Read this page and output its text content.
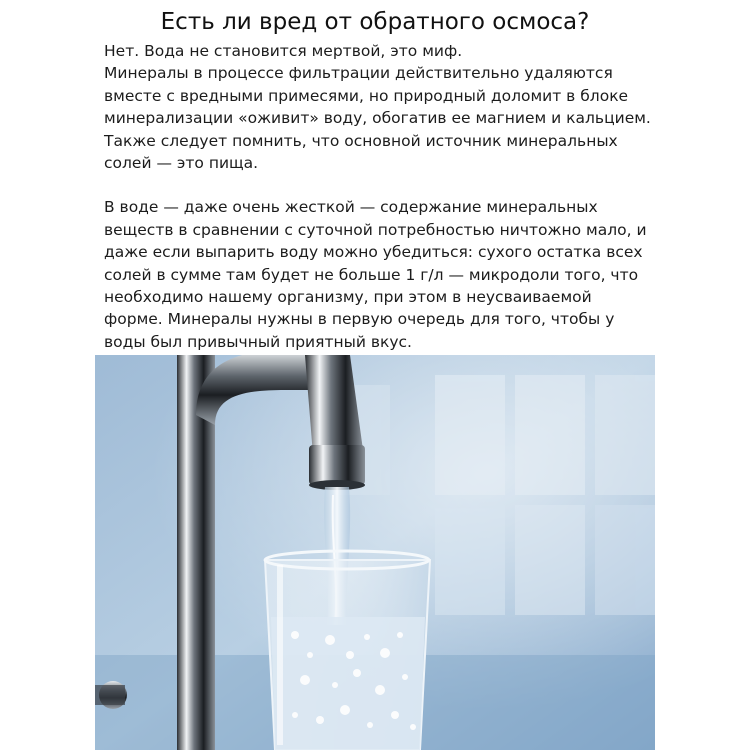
Есть ли вред от обратного осмоса?

Нет. Вода не становится мертвой, это миф.
Минералы в процессе фильтрации действительно удаляются
вместе с вредными примесями, но природный доломит в блоке
минерализации «оживит» воду, обогатив ее магнием и кальцием.
Также следует помнить, что основной источник минеральных
солей — это пища.

В воде — даже очень жесткой — содержание минеральных
веществ в сравнении с суточной потребностью ничтожно мало, и
даже если выпарить воду можно убедиться: сухого остатка всех
солей в сумме там будет не больше 1 г/л — микродоли того, что
необходимо нашему организму, при этом в неусваиваемой
форме. Минералы нужны в первую очередь для того, чтобы у
воды был привычный приятный вкус.
